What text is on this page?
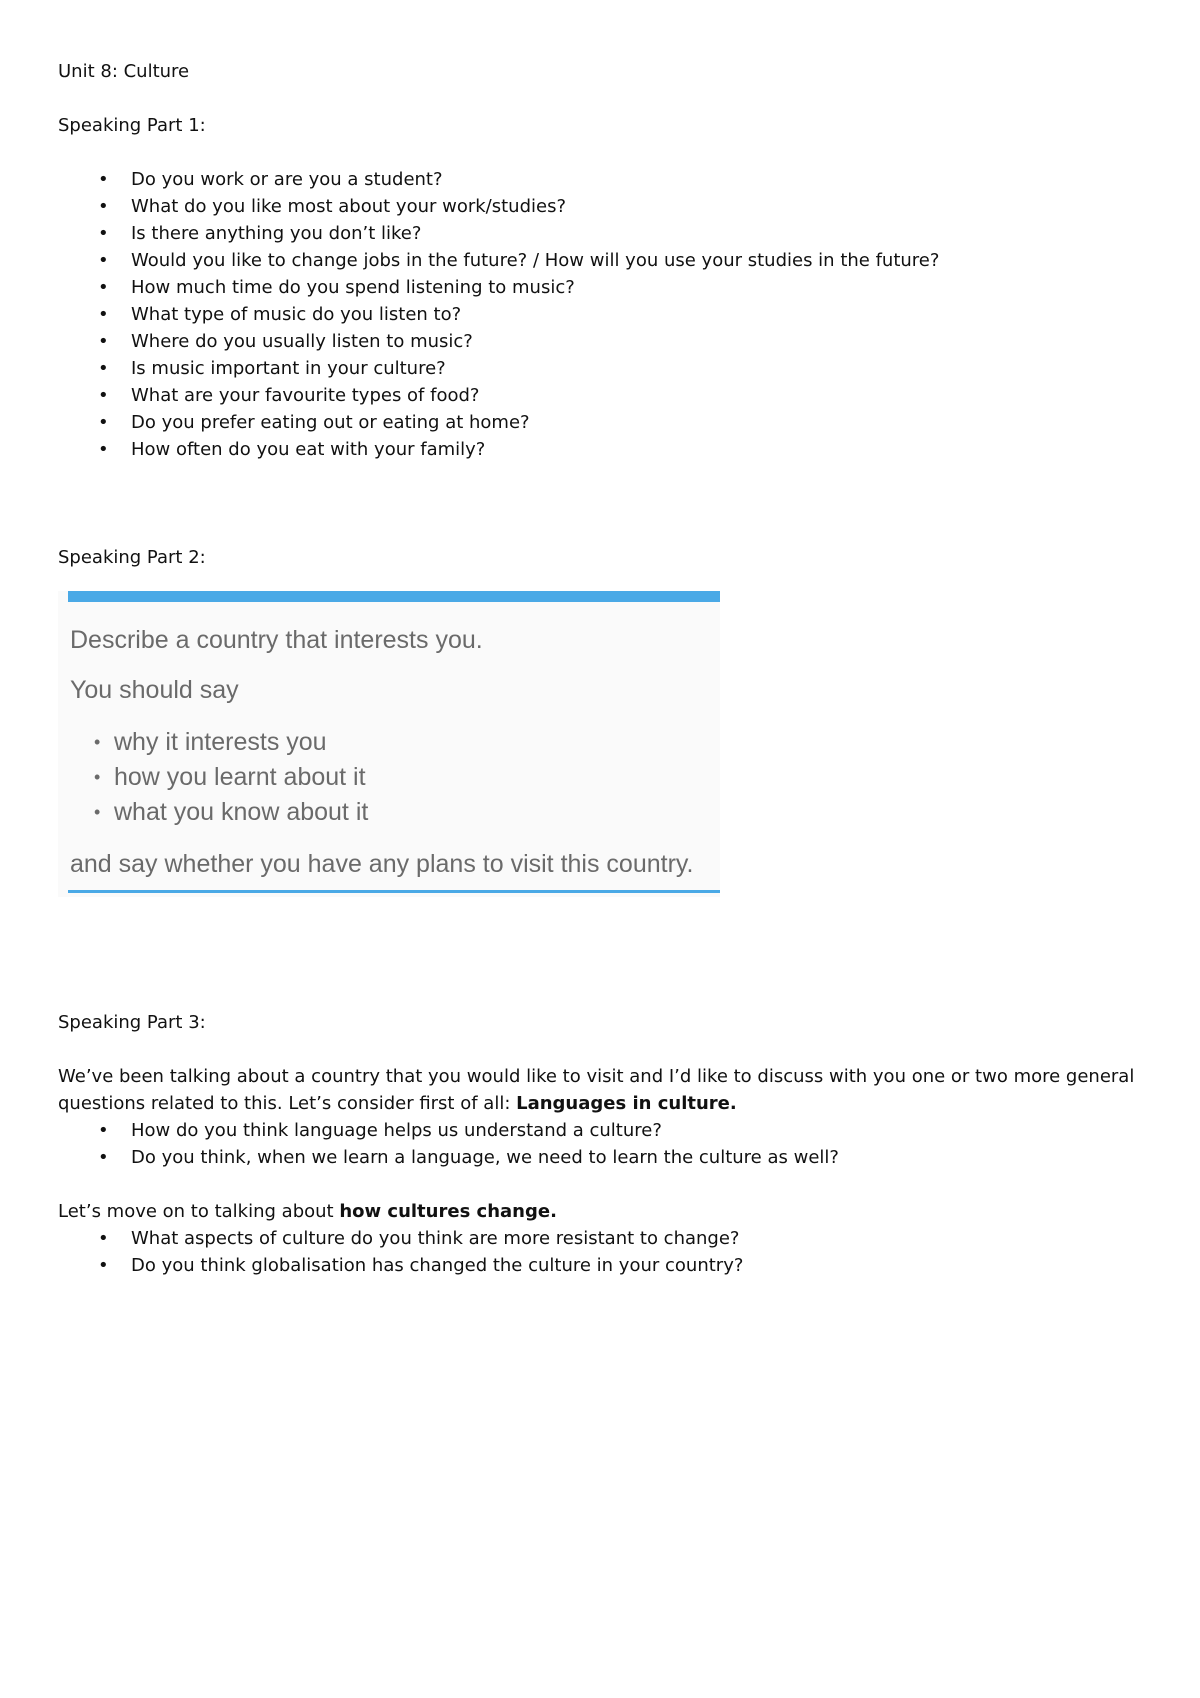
Unit 8: Culture

Speaking Part 1:

• Do you work or are you a student?
• What do you like most about your work/studies?
• Is there anything you don’t like?
• Would you like to change jobs in the future? / How will you use your studies in the future?
• How much time do you spend listening to music?
• What type of music do you listen to?
• Where do you usually listen to music?
• Is music important in your culture?
• What are your favourite types of food?
• Do you prefer eating out or eating at home?
• How often do you eat with your family?

Speaking Part 2:

Describe a country that interests you.
You should say
• why it interests you
• how you learnt about it
• what you know about it
and say whether you have any plans to visit this country.

Speaking Part 3:

We’ve been talking about a country that you would like to visit and I’d like to discuss with you one or two more general questions related to this. Let’s consider first of all: Languages in culture.

• How do you think language helps us understand a culture?
• Do you think, when we learn a language, we need to learn the culture as well?

Let’s move on to talking about how cultures change.

• What aspects of culture do you think are more resistant to change?
• Do you think globalisation has changed the culture in your country?
